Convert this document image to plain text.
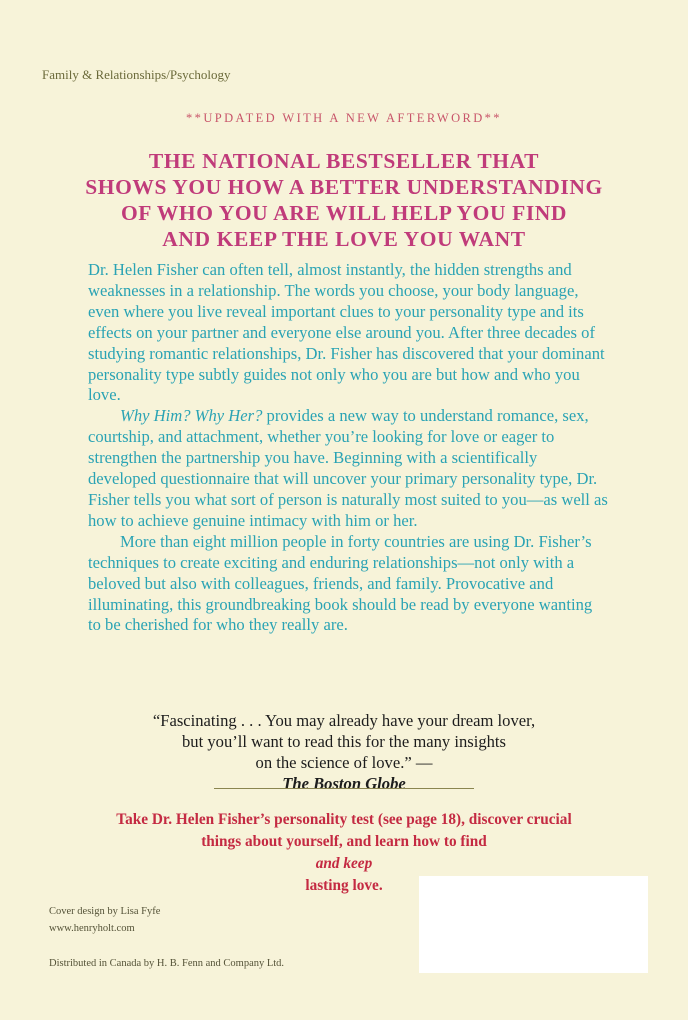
Family & Relationships/Psychology
**UPDATED WITH A NEW AFTERWORD**
THE NATIONAL BESTSELLER THAT
SHOWS YOU HOW A BETTER UNDERSTANDING
OF WHO YOU ARE WILL HELP YOU FIND
AND KEEP THE LOVE YOU WANT

Dr. Helen Fisher can often tell, almost instantly, the hidden strengths and weaknesses in a relationship. The words you choose, your body language, even where you live reveal important clues to your personality type and its effects on your partner and everyone else around you. After three decades of studying romantic relationships, Dr. Fisher has discovered that your dominant personality type subtly guides not only who you are but how and who you love.

Why Him? Why Her? provides a new way to understand romance, sex, courtship, and attachment, whether you’re looking for love or eager to strengthen the partnership you have. Beginning with a scientifically developed questionnaire that will uncover your primary personality type, Dr. Fisher tells you what sort of person is naturally most suited to you—as well as how to achieve genuine intimacy with him or her.

More than eight million people in forty countries are using Dr. Fisher’s techniques to create exciting and enduring relationships—not only with a beloved but also with colleagues, friends, and family. Provocative and illuminating, this groundbreaking book should be read by everyone wanting to be cherished for who they really are.

“Fascinating . . . You may already have your dream lover,
but you’ll want to read this for the many insights
on the science of love.” —
The Boston Globe
Take Dr. Helen Fisher’s personality test (see page 18), discover crucial
things about yourself, and learn how to find
and keep
lasting love.
Cover design by Lisa Fyfe
www.henryholt.com
Distributed in Canada by H. B. Fenn and Company Ltd.
